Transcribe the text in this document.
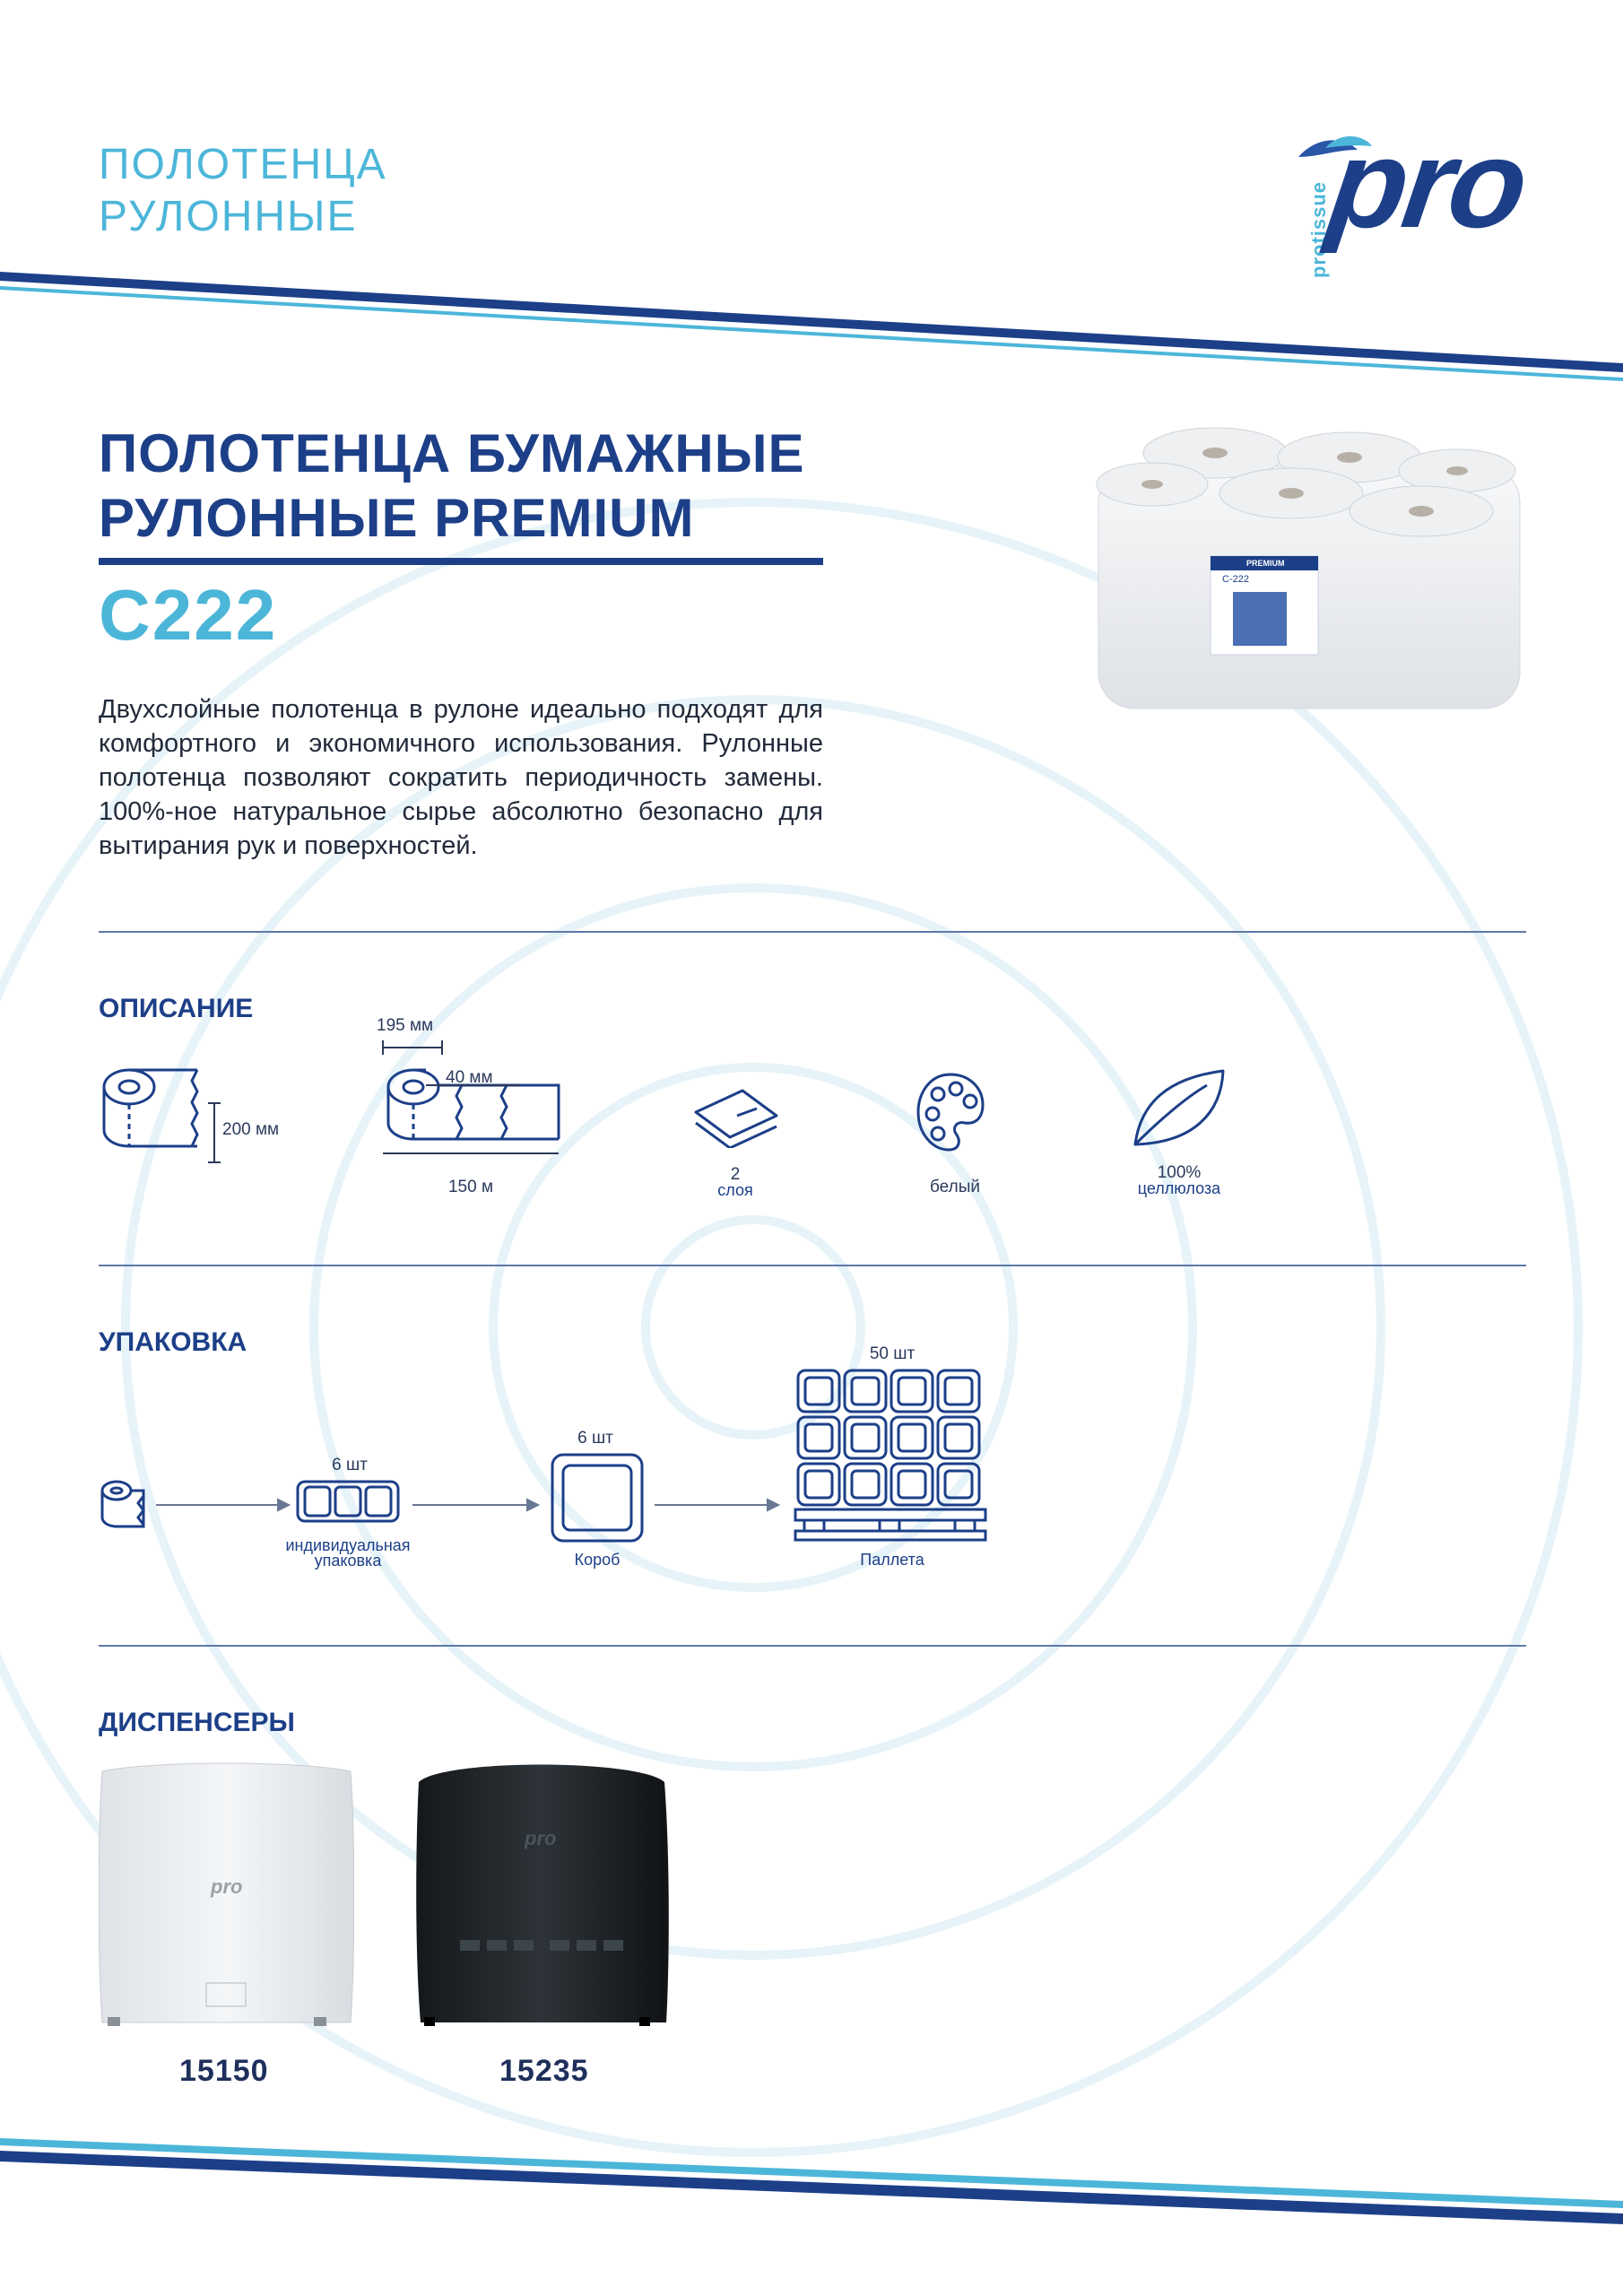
ПОЛОТЕНЦА
РУЛОННЫЕ	protissue
pro
ПОЛОТЕНЦА БУМАЖНЫЕ
РУЛОННЫЕ PREMIUM
С222
Двухслойные полотенца в рулоне идеально подходят для комфортного и экономичного использования. Рулонные полотенца позволяют сократить периодичность замены. 100%-ное натуральное сырье абсолютно безопасно для вытирания рук и поверхностей.
PREMIUM
С-222
ОПИСАНИЕ
200 мм
195 мм
40 мм
150 м
2
слоя	белый
100%
целлюлоза
УПАКОВКА
6 шт
индивидуальная
упаковка
6 шт
Короб
50 шт
Паллета
ДИСПЕНСЕРЫ
pro
15150
pro
15235
